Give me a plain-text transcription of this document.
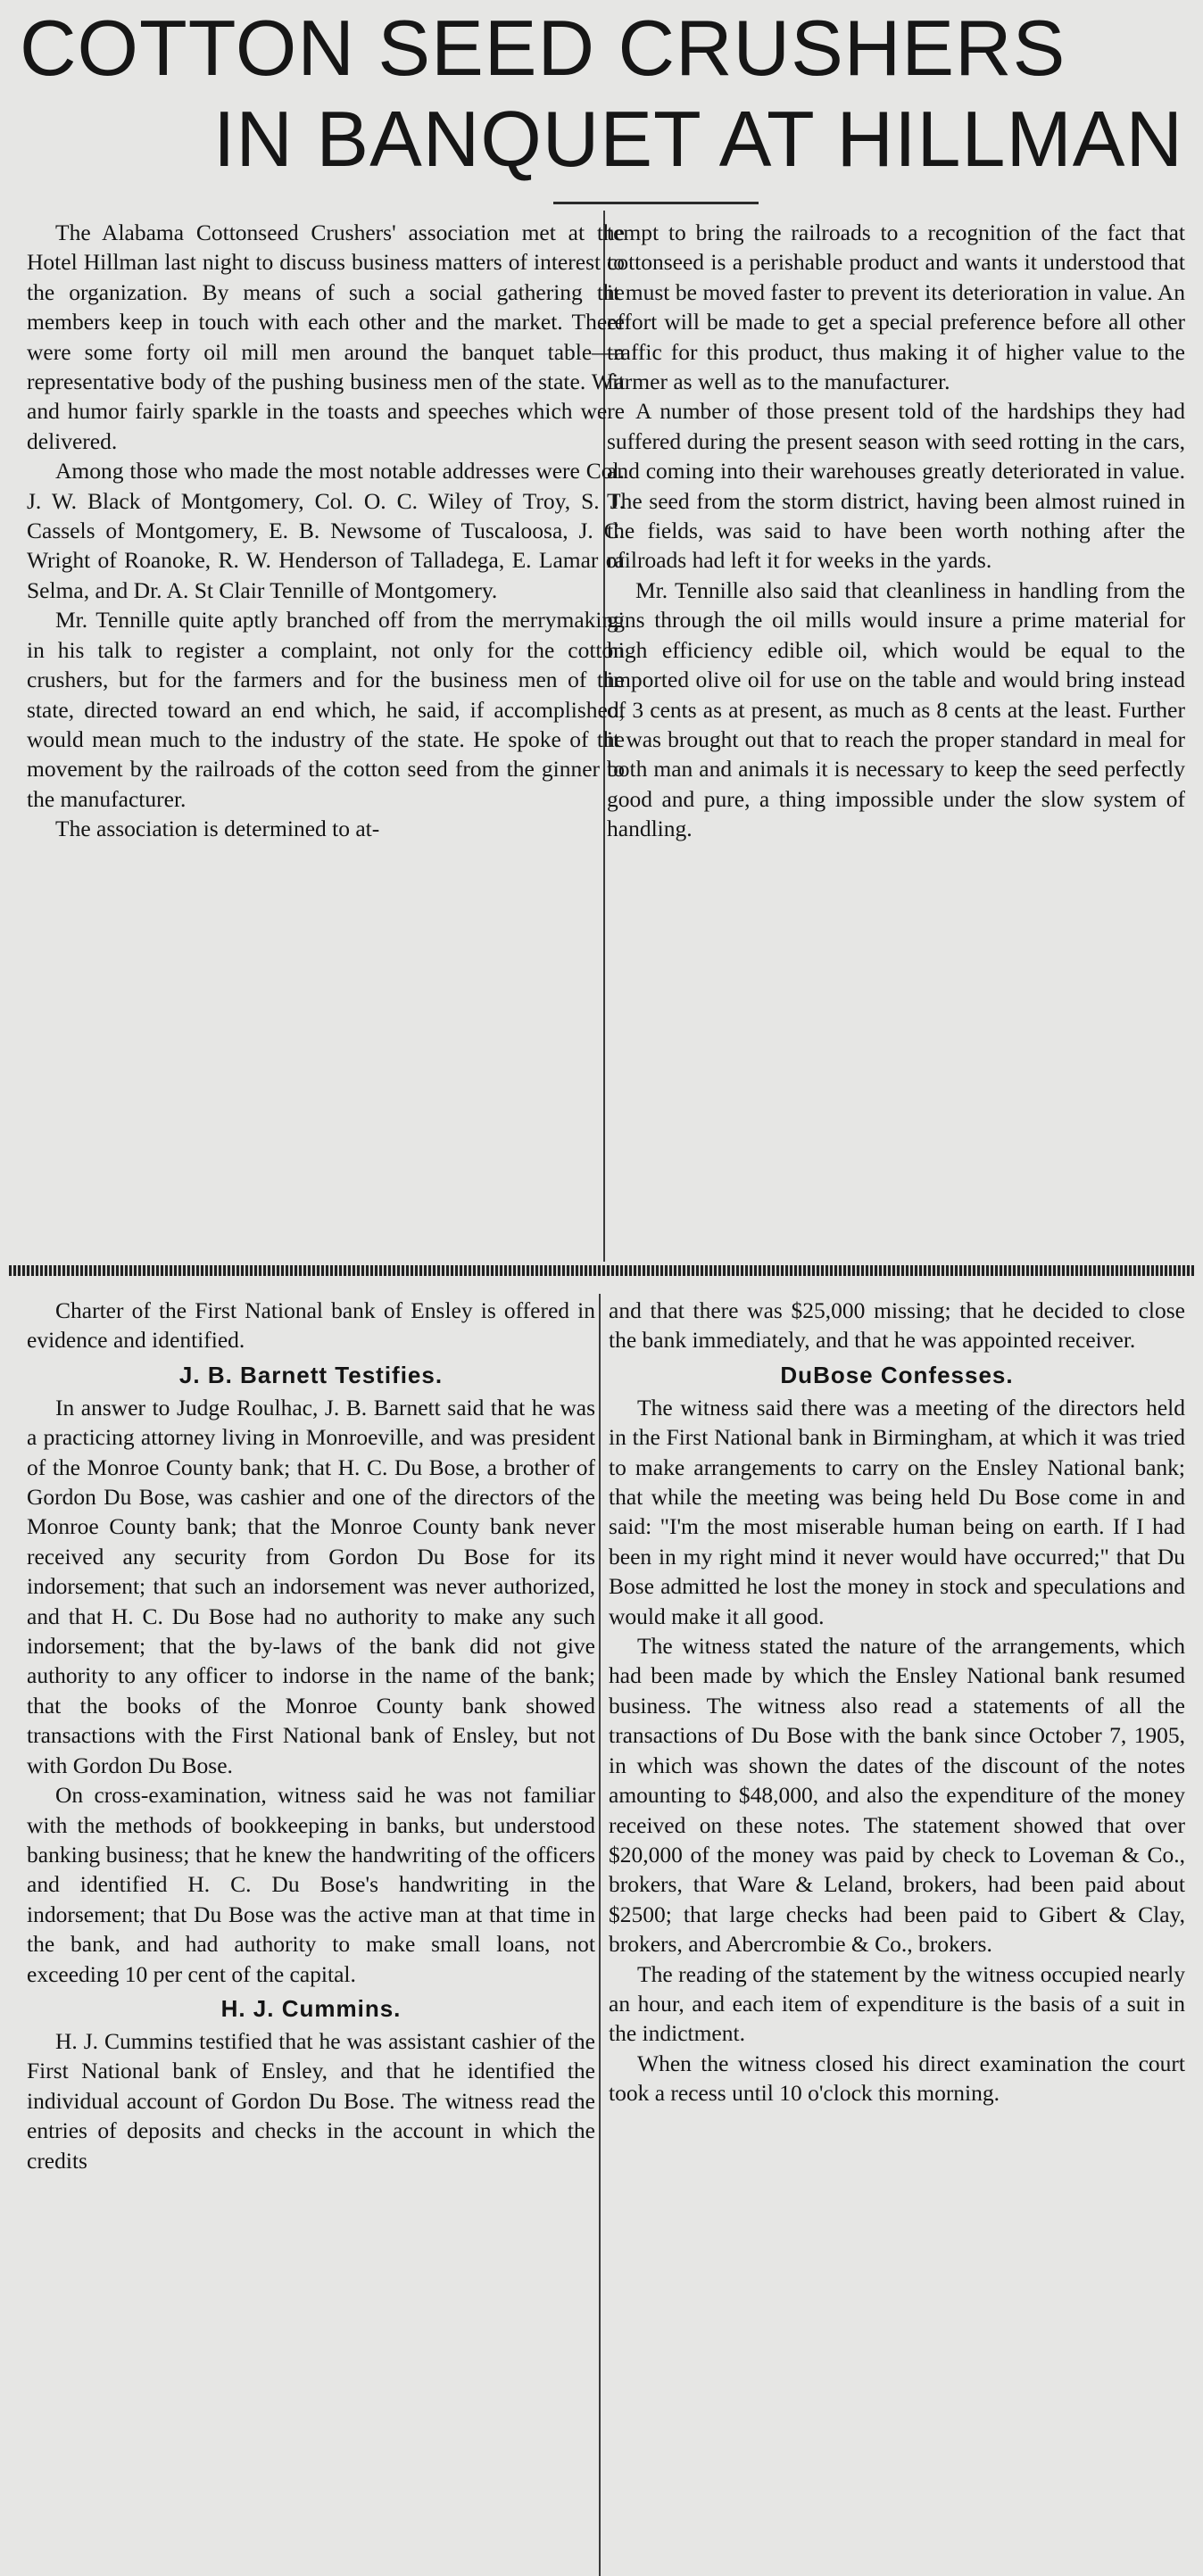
COTTON SEED CRUSHERS
IN BANQUET AT HILLMAN

The Alabama Cottonseed Crushers' association met at the Hotel Hillman last night to discuss business matters of interest to the organization. By means of such a social gathering the members keep in touch with each other and the market. There were some forty oil mill men around the banquet table—a representative body of the pushing business men of the state. Wit and humor fairly sparkle in the toasts and speeches which were delivered.

Among those who made the most notable addresses were Col. J. W. Black of Montgomery, Col. O. C. Wiley of Troy, S. J. Cassels of Montgomery, E. B. Newsome of Tuscaloosa, J. C. Wright of Roanoke, R. W. Henderson of Talladega, E. Lamar of Selma, and Dr. A. St Clair Tennille of Montgomery.

Mr. Tennille quite aptly branched off from the merrymaking in his talk to register a complaint, not only for the cotton crushers, but for the farmers and for the business men of the state, directed toward an end which, he said, if accomplished, would mean much to the industry of the state. He spoke of the movement by the railroads of the cotton seed from the ginner to the manufacturer.

The association is determined to at-

tempt to bring the railroads to a recognition of the fact that cottonseed is a perishable product and wants it understood that it must be moved faster to prevent its deterioration in value. An effort will be made to get a special preference before all other traffic for this product, thus making it of higher value to the farmer as well as to the manufacturer.

A number of those present told of the hardships they had suffered during the present season with seed rotting in the cars, and coming into their warehouses greatly deteriorated in value. The seed from the storm district, having been almost ruined in the fields, was said to have been worth nothing after the railroads had left it for weeks in the yards.

Mr. Tennille also said that cleanliness in handling from the gins through the oil mills would insure a prime material for high efficiency edible oil, which would be equal to the imported olive oil for use on the table and would bring instead of 3 cents as at present, as much as 8 cents at the least. Further it was brought out that to reach the proper standard in meal for both man and animals it is necessary to keep the seed perfectly good and pure, a thing impossible under the slow system of handling.

Charter of the First National bank of Ensley is offered in evidence and identified.

J. B. Barnett Testifies.

In answer to Judge Roulhac, J. B. Barnett said that he was a practicing attorney living in Monroeville, and was president of the Monroe County bank; that H. C. Du Bose, a brother of Gordon Du Bose, was cashier and one of the directors of the Monroe County bank; that the Monroe County bank never received any security from Gordon Du Bose for its indorsement; that such an indorsement was never authorized, and that H. C. Du Bose had no authority to make any such indorsement; that the by-laws of the bank did not give authority to any officer to indorse in the name of the bank; that the books of the Monroe County bank showed transactions with the First National bank of Ensley, but not with Gordon Du Bose.

On cross-examination, witness said he was not familiar with the methods of bookkeeping in banks, but understood banking business; that he knew the handwriting of the officers and identified H. C. Du Bose's handwriting in the indorsement; that Du Bose was the active man at that time in the bank, and had authority to make small loans, not exceeding 10 per cent of the capital.

H. J. Cummins.

H. J. Cummins testified that he was assistant cashier of the First National bank of Ensley, and that he identified the individual account of Gordon Du Bose. The witness read the entries of deposits and checks in the account in which the credits

and that there was $25,000 missing; that he decided to close the bank immediately, and that he was appointed receiver.

DuBose Confesses.

The witness said there was a meeting of the directors held in the First National bank in Birmingham, at which it was tried to make arrangements to carry on the Ensley National bank; that while the meeting was being held Du Bose come in and said: "I'm the most miserable human being on earth. If I had been in my right mind it never would have occurred;" that Du Bose admitted he lost the money in stock and speculations and would make it all good.

The witness stated the nature of the arrangements, which had been made by which the Ensley National bank resumed business. The witness also read a statements of all the transactions of Du Bose with the bank since October 7, 1905, in which was shown the dates of the discount of the notes amounting to $48,000, and also the expenditure of the money received on these notes. The statement showed that over $20,000 of the money was paid by check to Loveman & Co., brokers, that Ware & Leland, brokers, had been paid about $2500; that large checks had been paid to Gibert & Clay, brokers, and Abercrombie & Co., brokers.

The reading of the statement by the witness occupied nearly an hour, and each item of expenditure is the basis of a suit in the indictment.

When the witness closed his direct examination the court took a recess until 10 o'clock this morning.
